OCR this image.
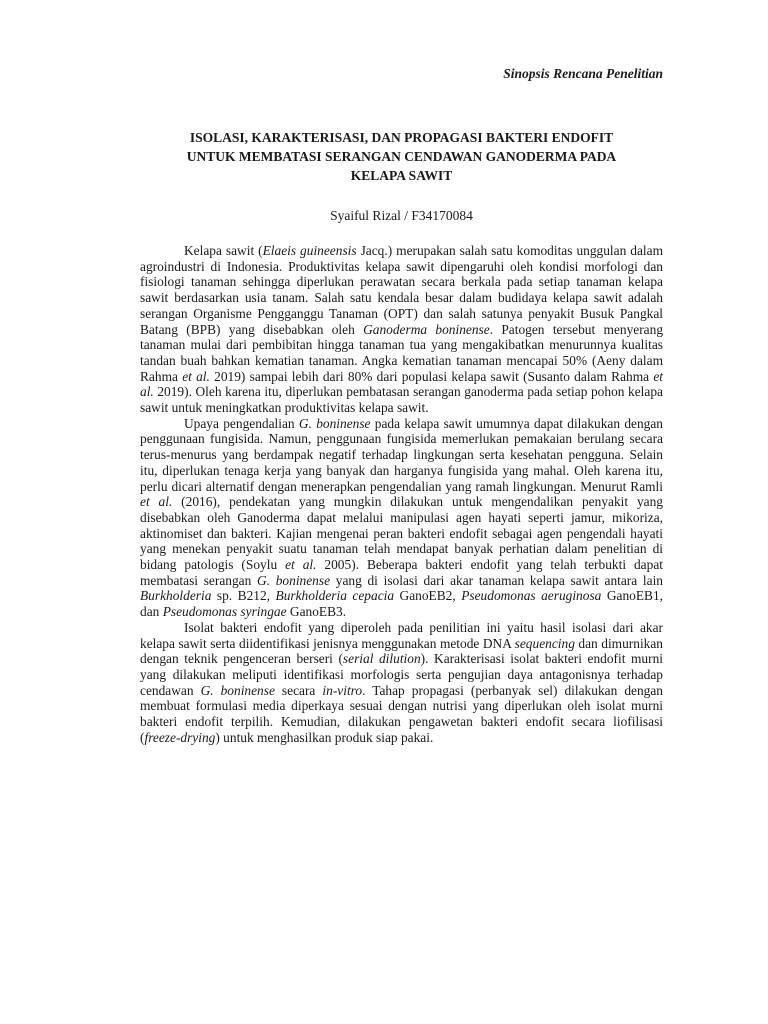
Sinopsis Rencana Penelitian
ISOLASI, KARAKTERISASI, DAN PROPAGASI BAKTERI ENDOFIT
UNTUK MEMBATASI SERANGAN CENDAWAN GANODERMA PADA
KELAPA SAWIT
Syaiful Rizal / F34170084

Kelapa sawit (Elaeis guineensis Jacq.) merupakan salah satu komoditas unggulan dalam agroindustri di Indonesia. Produktivitas kelapa sawit dipengaruhi oleh kondisi morfologi dan fisiologi tanaman sehingga diperlukan perawatan secara berkala pada setiap tanaman kelapa sawit berdasarkan usia tanam. Salah satu kendala besar dalam budidaya kelapa sawit adalah serangan Organisme Pengganggu Tanaman (OPT) dan salah satunya penyakit Busuk Pangkal Batang (BPB) yang disebabkan oleh Ganoderma boninense. Patogen tersebut menyerang tanaman mulai dari pembibitan hingga tanaman tua yang mengakibatkan menurunnya kualitas tandan buah bahkan kematian tanaman. Angka kematian tanaman mencapai 50% (Aeny dalam Rahma et al. 2019) sampai lebih dari 80% dari populasi kelapa sawit (Susanto dalam Rahma et al. 2019). Oleh karena itu, diperlukan pembatasan serangan ganoderma pada setiap pohon kelapa sawit untuk meningkatkan produktivitas kelapa sawit.

Upaya pengendalian G. boninense pada kelapa sawit umumnya dapat dilakukan dengan penggunaan fungisida. Namun, penggunaan fungisida memerlukan pemakaian berulang secara terus-menurus yang berdampak negatif terhadap lingkungan serta kesehatan pengguna. Selain itu, diperlukan tenaga kerja yang banyak dan harganya fungisida yang mahal. Oleh karena itu, perlu dicari alternatif dengan menerapkan pengendalian yang ramah lingkungan. Menurut Ramli et al. (2016), pendekatan yang mungkin dilakukan untuk mengendalikan penyakit yang disebabkan oleh Ganoderma dapat melalui manipulasi agen hayati seperti jamur, mikoriza, aktinomiset dan bakteri. Kajian mengenai peran bakteri endofit sebagai agen pengendali hayati yang menekan penyakit suatu tanaman telah mendapat banyak perhatian dalam penelitian di bidang patologis (Soylu et al. 2005). Beberapa bakteri endofit yang telah terbukti dapat membatasi serangan G. boninense yang di isolasi dari akar tanaman kelapa sawit antara lain Burkholderia sp. B212, Burkholderia cepacia GanoEB2, Pseudomonas aeruginosa GanoEB1, dan Pseudomonas syringae GanoEB3.

Isolat bakteri endofit yang diperoleh pada penilitian ini yaitu hasil isolasi dari akar kelapa sawit serta diidentifikasi jenisnya menggunakan metode DNA sequencing dan dimurnikan dengan teknik pengenceran berseri (serial dilution). Karakterisasi isolat bakteri endofit murni yang dilakukan meliputi identifikasi morfologis serta pengujian daya antagonisnya terhadap cendawan G. boninense secara in-vitro. Tahap propagasi (perbanyak sel) dilakukan dengan membuat formulasi media diperkaya sesuai dengan nutrisi yang diperlukan oleh isolat murni bakteri endofit terpilih. Kemudian, dilakukan pengawetan bakteri endofit secara liofilisasi (freeze-drying) untuk menghasilkan produk siap pakai.
